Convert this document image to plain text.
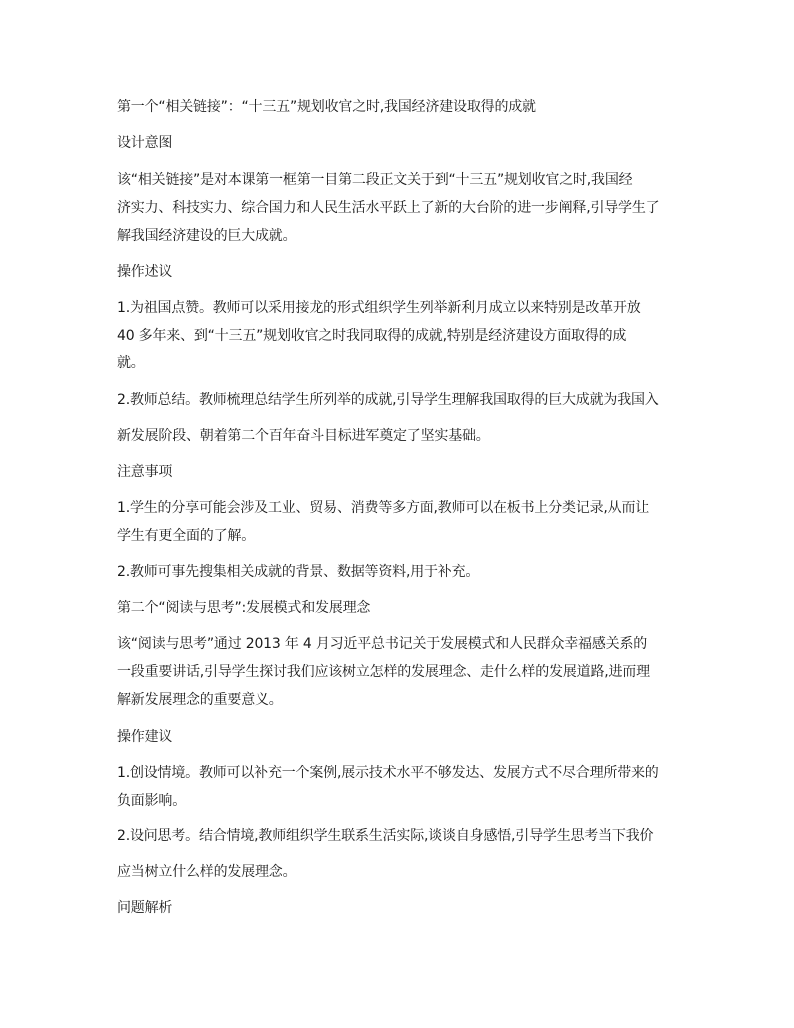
第一个“相关链接”：“十三五”规划收官之时,我国经济建设取得的成就

设计意图

该“相关链接”是对本课第一框第一目第二段正文关于到“十三五”规划收官之时,我国经

济实力、科技实力、综合国力和人民生活水平跃上了新的大台阶的进一步阐释,引导学生了

解我国经济建设的巨大成就。

操作述议

1.为祖国点赞。教师可以采用接龙的形式组织学生列举新利月成立以来特别是改革开放

40 多年来、到“十三五”规划收官之时我同取得的成就,特别是经济建设方面取得的成

就。

2.教师总结。教师梳理总结学生所列举的成就,引导学生理解我国取得的巨大成就为我国入

新发展阶段、朝着第二个百年奋斗目标进军奠定了坚实基础。

注意事项

1.学生的分享可能会涉及工业、贸易、消费等多方面,教师可以在板书上分类记录,从而让

学生有更全面的了解。

2.教师可事先搜集相关成就的背景、数据等资料,用于补充。

第二个“阅读与思考”:发展模式和发展理念

该“阅读与思考”通过 2013 年 4 月习近平总书记关于发展模式和人民群众幸福感关系的

一段重要讲话,引导学生探讨我们应该树立怎样的发展理念、走什么样的发展道路,进而理

解新发展理念的重要意义。

操作建议

1.创设情境。教师可以补充一个案例,展示技术水平不够发达、发展方式不尽合理所带来的

负面影响。

2.设问思考。结合情境,教师组织学生联系生活实际,谈谈自身感悟,引导学生思考当下我价

应当树立什么样的发展理念。

问题解析
